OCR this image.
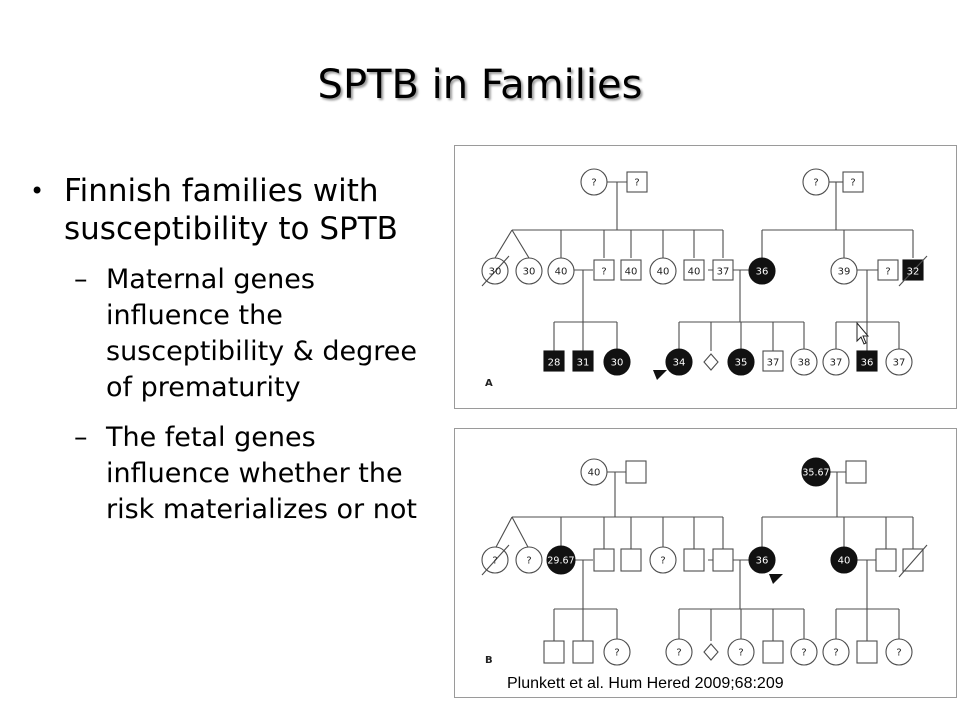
SPTB in Families
• Finnish families with susceptibility to SPTB
– Maternal genes influence the susceptibility & degree of prematurity
– The fetal genes influence whether the risk materializes or not
?	?	?	?
30 30 40	? 40 40 40 37	36	39	? 32
28 31 30	34	35 37 38 37 36 37
A
40	35.67
?	? 29.67	?	36	40
?	?	?	?	?	?
B
Plunkett et al. Hum Hered 2009;68:209
